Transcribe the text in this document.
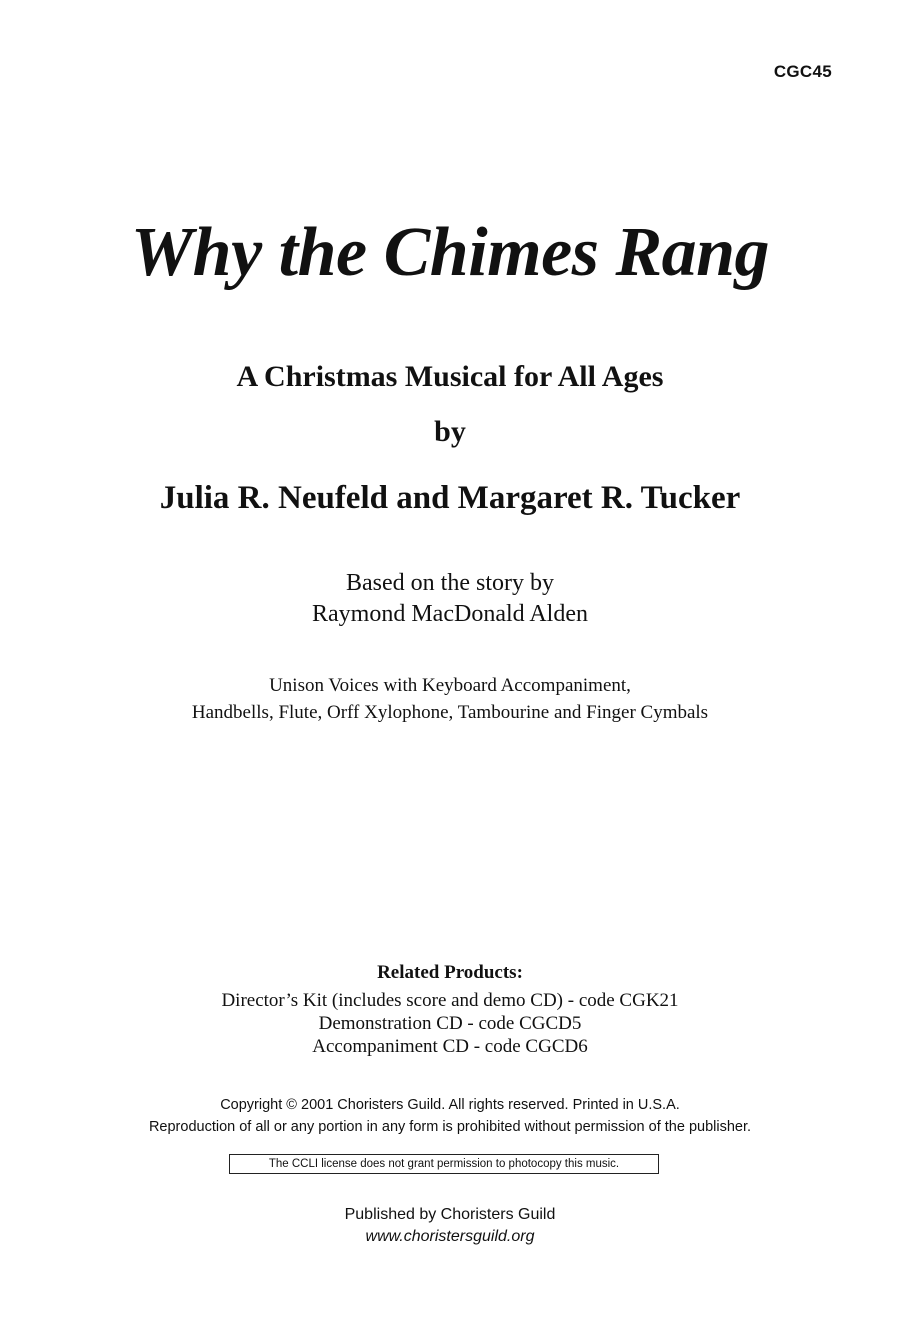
CGC45
Why the Chimes Rang
A Christmas Musical for All Ages
by
Julia R. Neufeld and Margaret R. Tucker
Based on the story by
Raymond MacDonald Alden
Unison Voices with Keyboard Accompaniment,
Handbells, Flute, Orff Xylophone, Tambourine and Finger Cymbals
Related Products:
Director’s Kit (includes score and demo CD) - code CGK21
Demonstration CD - code CGCD5
Accompaniment CD - code CGCD6
Copyright © 2001 Choristers Guild. All rights reserved. Printed in U.S.A.
Reproduction of all or any portion in any form is prohibited without permission of the publisher.
The CCLI license does not grant permission to photocopy this music.
Published by Choristers Guild
www.choristersguild.org
